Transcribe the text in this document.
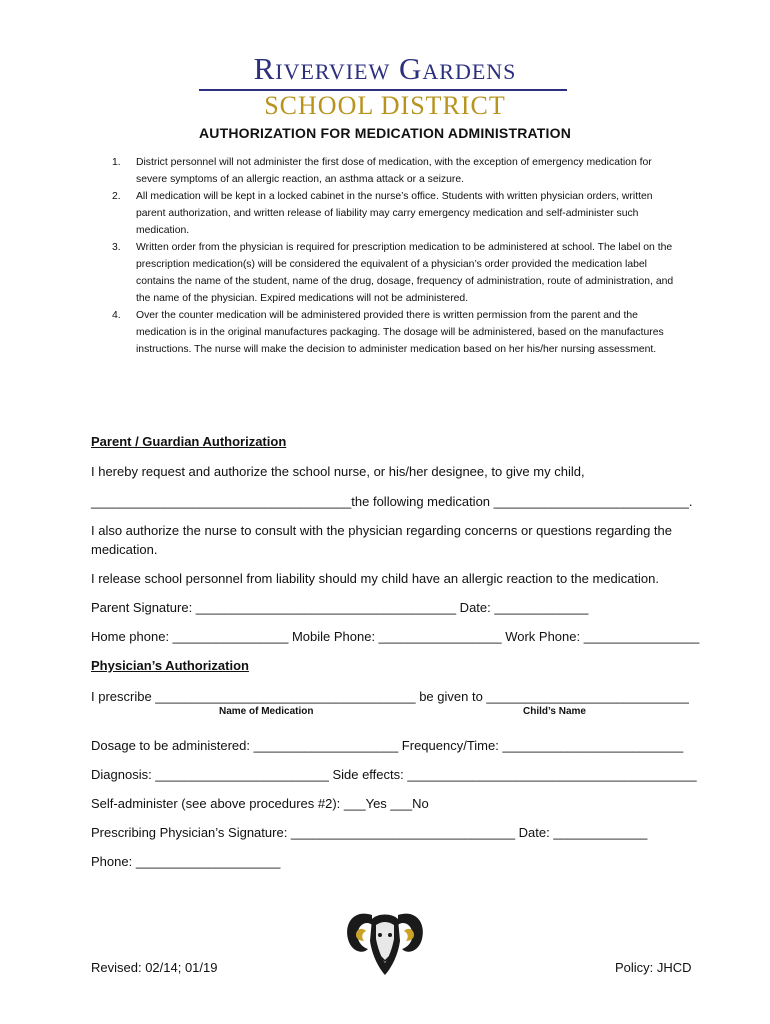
Riverview Gardens
SCHOOL DISTRICT
AUTHORIZATION FOR MEDICATION ADMINISTRATION
1. District personnel will not administer the first dose of medication, with the exception of emergency medication for severe symptoms of an allergic reaction, an asthma attack or a seizure.
2. All medication will be kept in a locked cabinet in the nurse’s office. Students with written physician orders, written parent authorization, and written release of liability may carry emergency medication and self-administer such medication.
3. Written order from the physician is required for prescription medication to be administered at school. The label on the prescription medication(s) will be considered the equivalent of a physician’s order provided the medication label contains the name of the student, name of the drug, dosage, frequency of administration, route of administration, and the name of the physician. Expired medications will not be administered.
4. Over the counter medication will be administered provided there is written permission from the parent and the medication is in the original manufactures packaging. The dosage will be administered, based on the manufactures instructions. The nurse will make the decision to administer medication based on her his/her nursing assessment.
Parent / Guardian Authorization
I hereby request and authorize the school nurse, or his/her designee, to give my child,
____________________________________the following medication ___________________________.
I also authorize the nurse to consult with the physician regarding concerns or questions regarding the
medication.
I release school personnel from liability should my child have an allergic reaction to the medication.
Parent Signature: ____________________________________ Date: _____________
Home phone: ________________ Mobile Phone: _________________ Work Phone: ________________
Physician’s Authorization
I prescribe ____________________________________ be given to ____________________________
Name of Medication	Child’s Name
Dosage to be administered: ____________________ Frequency/Time: _________________________
Diagnosis: ________________________ Side effects: ________________________________________
Self-administer (see above procedures #2): ___Yes ___No
Prescribing Physician’s Signature: _______________________________ Date: _____________
Phone: ____________________
Revised: 02/14; 01/19	Policy: JHCD
